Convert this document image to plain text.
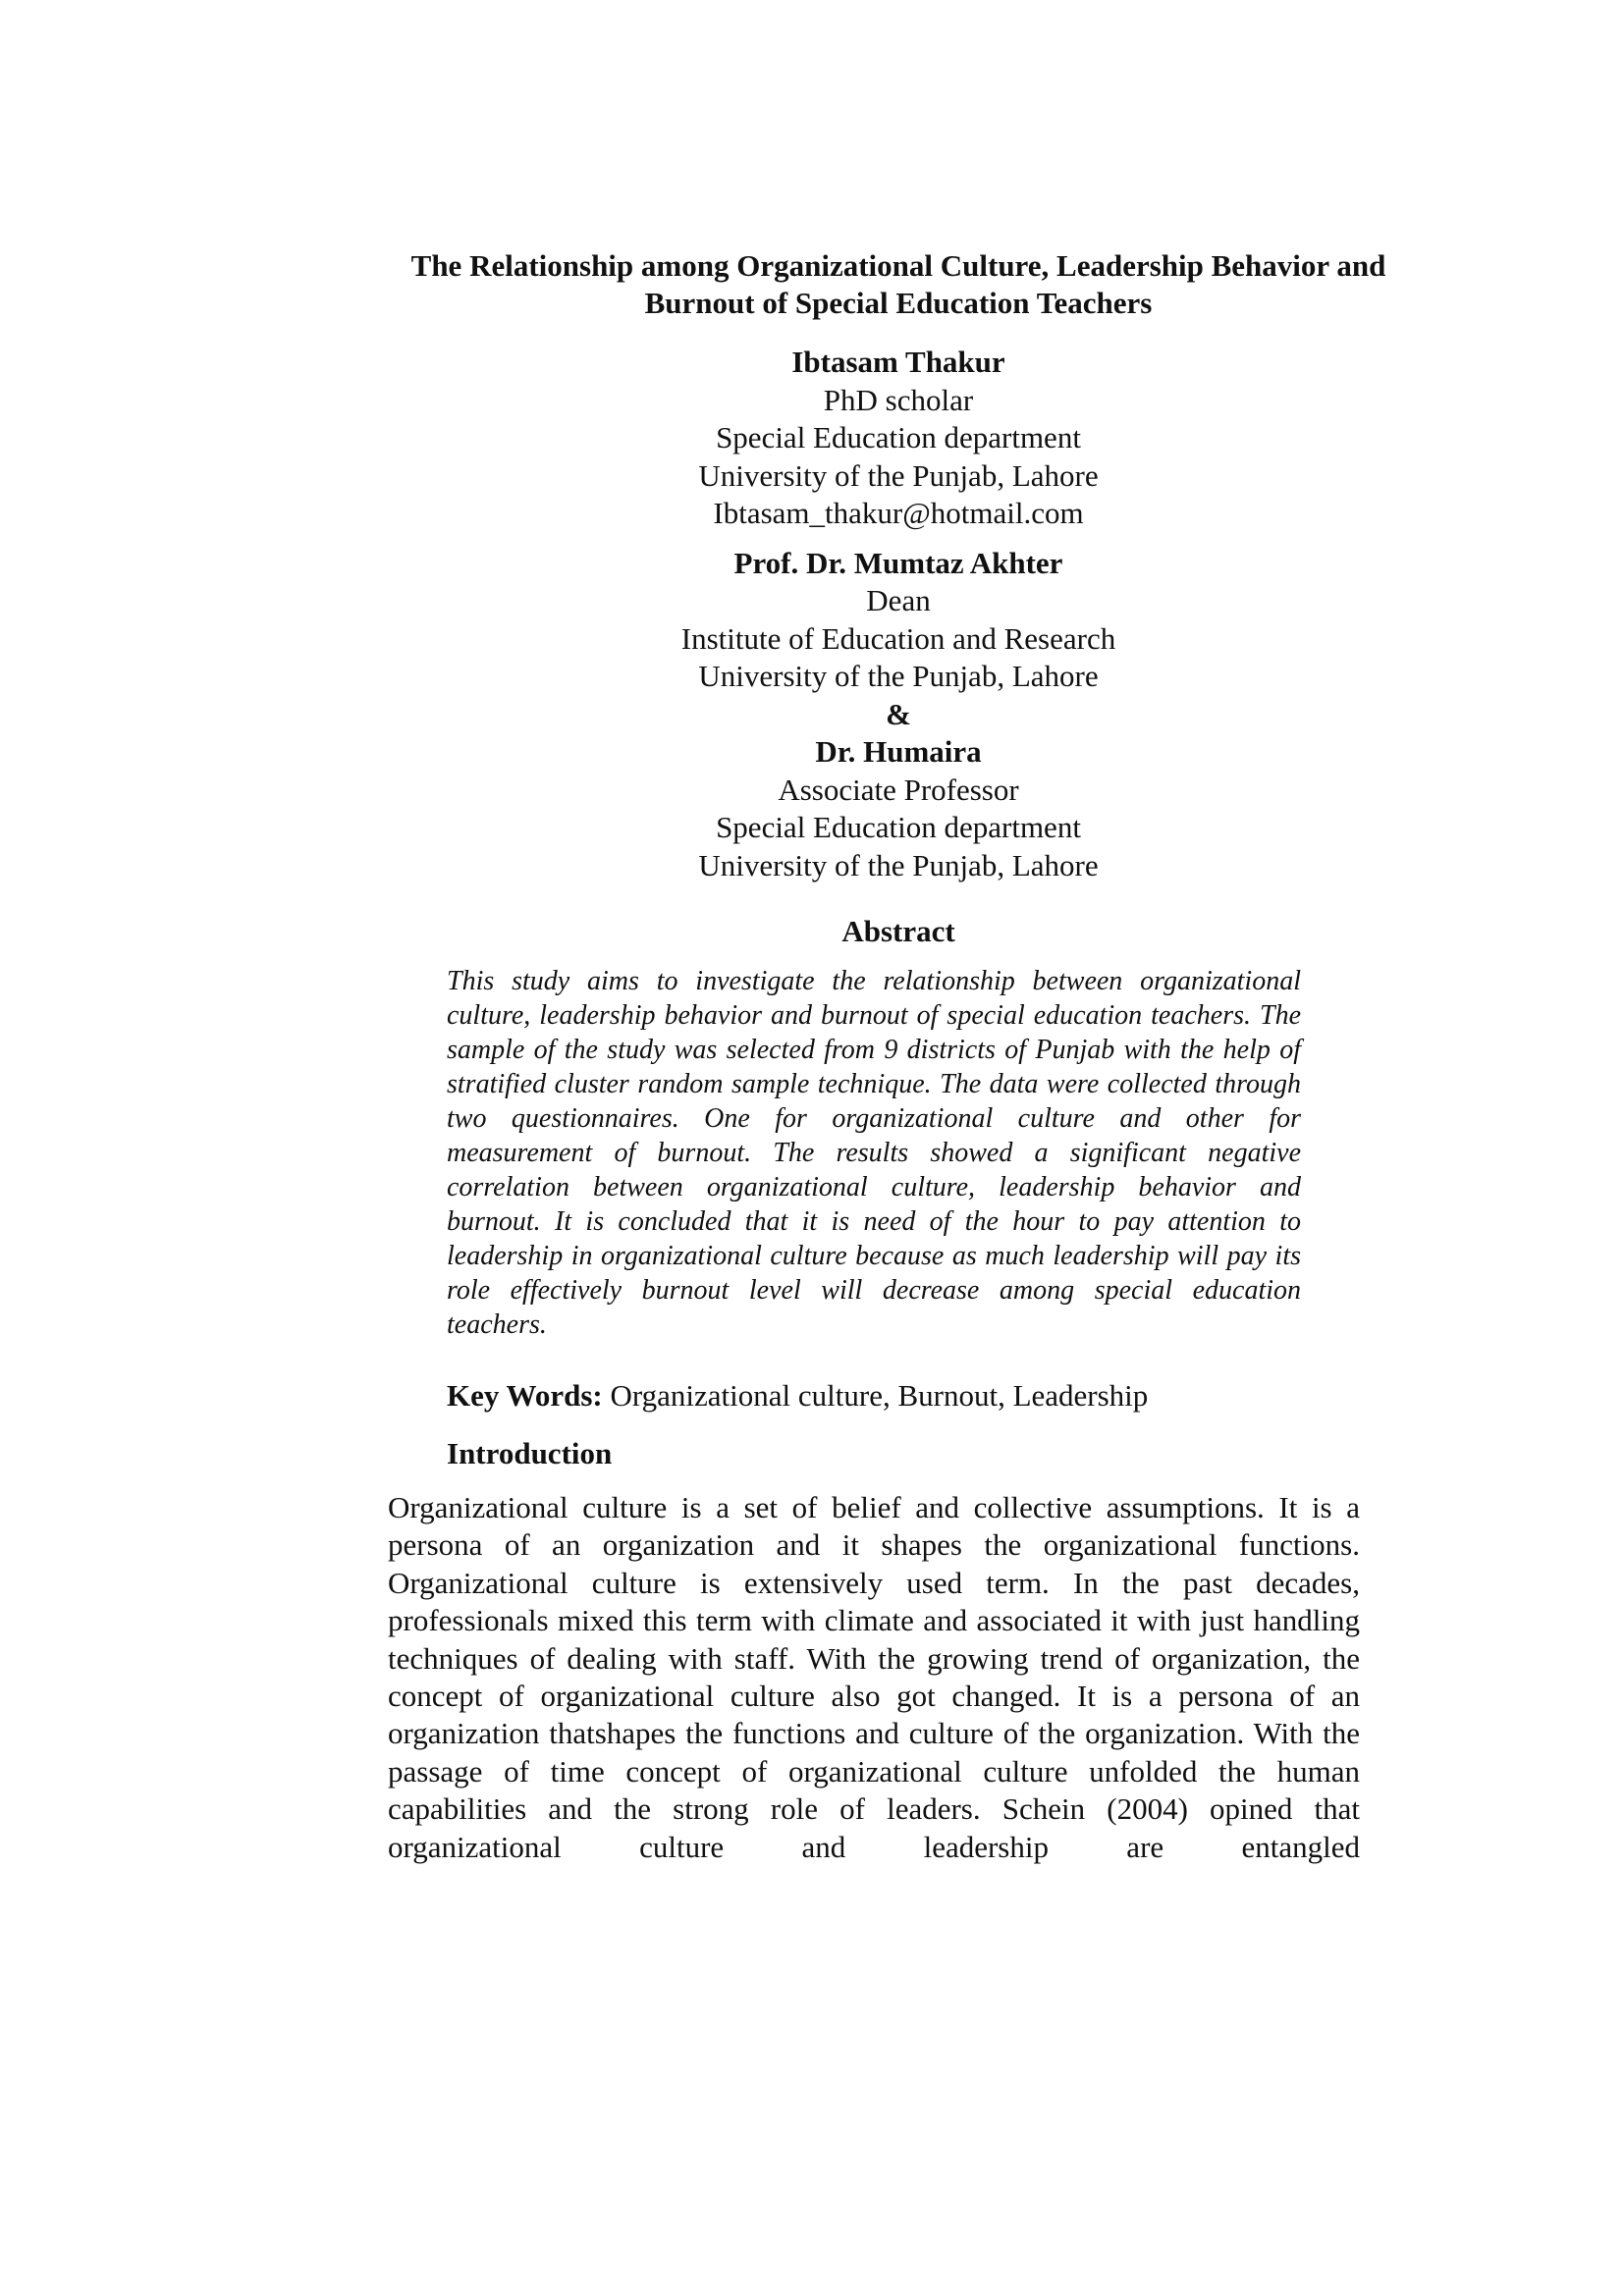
The Relationship among Organizational Culture, Leadership Behavior and Burnout of Special Education Teachers
Ibtasam Thakur
PhD scholar
Special Education department
University of the Punjab, Lahore
Ibtasam_thakur@hotmail.com
Prof. Dr. Mumtaz Akhter
Dean
Institute of Education and Research
University of the Punjab, Lahore
&
Dr. Humaira
Associate Professor
Special Education department
University of the Punjab, Lahore
Abstract

This study aims to investigate the relationship between organizational culture, leadership behavior and burnout of special education teachers. The sample of the study was selected from 9 districts of Punjab with the help of stratified cluster random sample technique. The data were collected through two questionnaires. One for organizational culture and other for measurement of burnout. The results showed a significant negative correlation between organizational culture, leadership behavior and burnout. It is concluded that it is need of the hour to pay attention to leadership in organizational culture because as much leadership will pay its role effectively burnout level will decrease among special education teachers.

Key Words: Organizational culture, Burnout, Leadership

Introduction

Organizational culture is a set of belief and collective assumptions. It is a persona of an organization and it shapes the organizational functions. Organizational culture is extensively used term. In the past decades, professionals mixed this term with climate and associated it with just handling techniques of dealing with staff. With the growing trend of organization, the concept of organizational culture also got changed. It is a persona of an organization thatshapes the functions and culture of the organization. With the passage of time concept of organizational culture unfolded the human capabilities and the strong role of leaders. Schein (2004) opined that organizational culture and leadership are entangled
